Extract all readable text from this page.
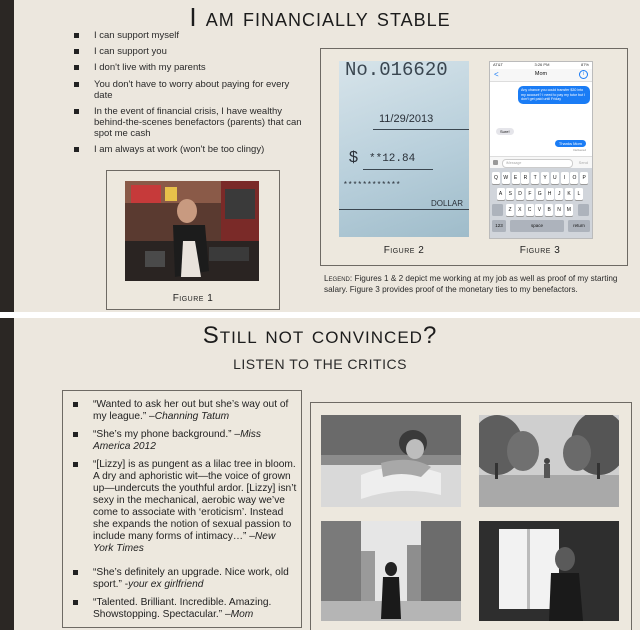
I am financially stable
I can support myself
I can support you
I don't live with my parents
You don't have to worry about paying for every date
In the event of financial crisis, I have wealthy behind-the-scenes benefactors (parents) that can spot me cash
I am always at work (won't be too clingy)
Figure 1
No.016620
11/29/2013
$ **12.84
************
DOLLAR
Figure 2
AT&T	3:26 PM	87%
<	Mom	i
Any chance you could transfer $30 into my account? I need to pay my tutor but I don't get paid until Friday
Sure!
Thanks Mom
Delivered
iMessage	Send
Q	W	E	R	T	Y	U	I	O	P
A	S	D	F	G	H	J	K	L
Z	X	C	V	B	N	M
123	space	return
Figure 3
Legend: Figures 1 & 2 depict me working at my job as well as proof of my starting salary. Figure 3 provides proof of the monetary ties to my benefactors.
Still not convinced?
LISTEN TO THE CRITICS
“Wanted to ask her out but she’s way out of my league.” –Channing Tatum
“She’s my phone background.” –Miss America 2012
“[Lizzy] is as pungent as a lilac tree in bloom. A dry and aphoristic wit—the voice of grown up—undercuts the youthful ardor. [Lizzy] isn’t sexy in the mechanical, aerobic way we’ve come to associate with ‘eroticism’. Instead she expands the notion of sexual passion to include many forms of intimacy…” –New York Times
“She’s definitely an upgrade. Nice work, old sport.” -your ex girlfriend
“Talented. Brilliant. Incredible. Amazing. Showstopping. Spectacular.” –Mom
